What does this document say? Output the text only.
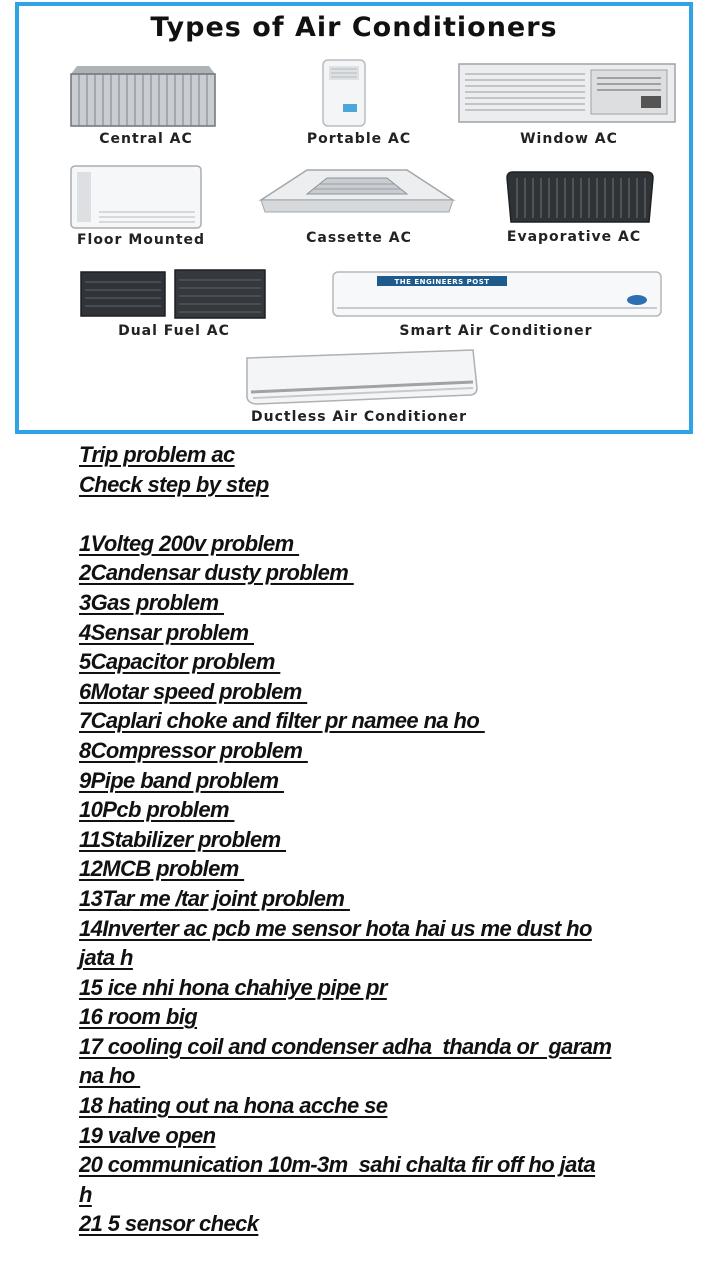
Types of Air Conditioners
Central AC	Portable AC	Window AC
Floor Mounted	Cassette AC	Evaporative AC
Dual Fuel AC
THE ENGINEERS POST
Smart Air Conditioner
Ductless Air Conditioner
Trip problem ac
Check step by step
1Volteg 200v problem
2Candensar dusty problem
3Gas problem
4Sensar problem
5Capacitor problem
6Motar speed problem
7Caplari choke and filter pr namee na ho
8Compressor problem
9Pipe band problem
10Pcb problem
11Stabilizer problem
12MCB problem
13Tar me /tar joint problem
14Inverter ac pcb me sensor hota hai us me dust ho
jata h
15 ice nhi hona chahiye pipe pr
16 room big
17 cooling coil and condenser adha  thanda or  garam
na ho
18 hating out na hona acche se
19 valve open
20 communication 10m-3m  sahi chalta fir off ho jata
h
21 5 sensor check
